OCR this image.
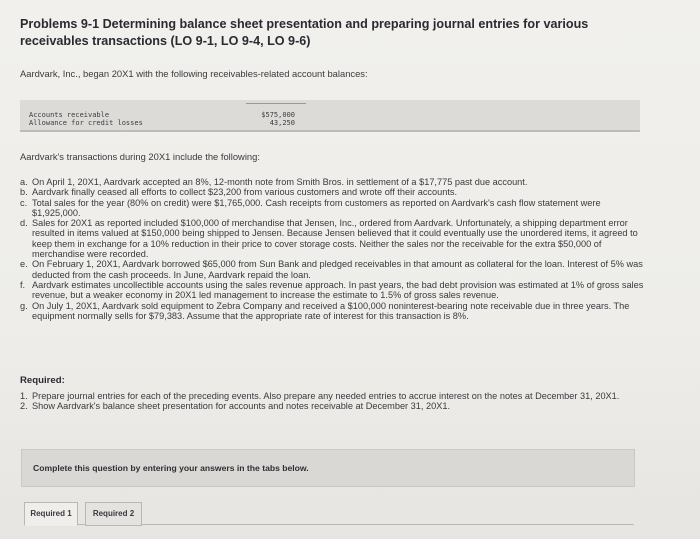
Problems 9-1 Determining balance sheet presentation and preparing journal entries for various receivables transactions (LO 9-1, LO 9-4, LO 9-6)
Aardvark, Inc., began 20X1 with the following receivables-related account balances:
Accounts receivable	$575,000
Allowance for credit losses	43,250
Aardvark's transactions during 20X1 include the following:
a. On April 1, 20X1, Aardvark accepted an 8%, 12-month note from Smith Bros. in settlement of a $17,775 past due account.
b. Aardvark finally ceased all efforts to collect $23,200 from various customers and wrote off their accounts.
c. Total sales for the year (80% on credit) were $1,765,000. Cash receipts from customers as reported on Aardvark's cash flow statement were $1,925,000.
d. Sales for 20X1 as reported included $100,000 of merchandise that Jensen, Inc., ordered from Aardvark. Unfortunately, a shipping department error resulted in items valued at $150,000 being shipped to Jensen. Because Jensen believed that it could eventually use the unordered items, it agreed to keep them in exchange for a 10% reduction in their price to cover storage costs. Neither the sales nor the receivable for the extra $50,000 of merchandise were recorded.
e. On February 1, 20X1, Aardvark borrowed $65,000 from Sun Bank and pledged receivables in that amount as collateral for the loan. Interest of 5% was deducted from the cash proceeds. In June, Aardvark repaid the loan.
f. Aardvark estimates uncollectible accounts using the sales revenue approach. In past years, the bad debt provision was estimated at 1% of gross sales revenue, but a weaker economy in 20X1 led management to increase the estimate to 1.5% of gross sales revenue.
g. On July 1, 20X1, Aardvark sold equipment to Zebra Company and received a $100,000 noninterest-bearing note receivable due in three years. The equipment normally sells for $79,383. Assume that the appropriate rate of interest for this transaction is 8%.
Required:
1. Prepare journal entries for each of the preceding events. Also prepare any needed entries to accrue interest on the notes at December 31, 20X1.
2. Show Aardvark's balance sheet presentation for accounts and notes receivable at December 31, 20X1.
Complete this question by entering your answers in the tabs below.
Required 1	Required 2
